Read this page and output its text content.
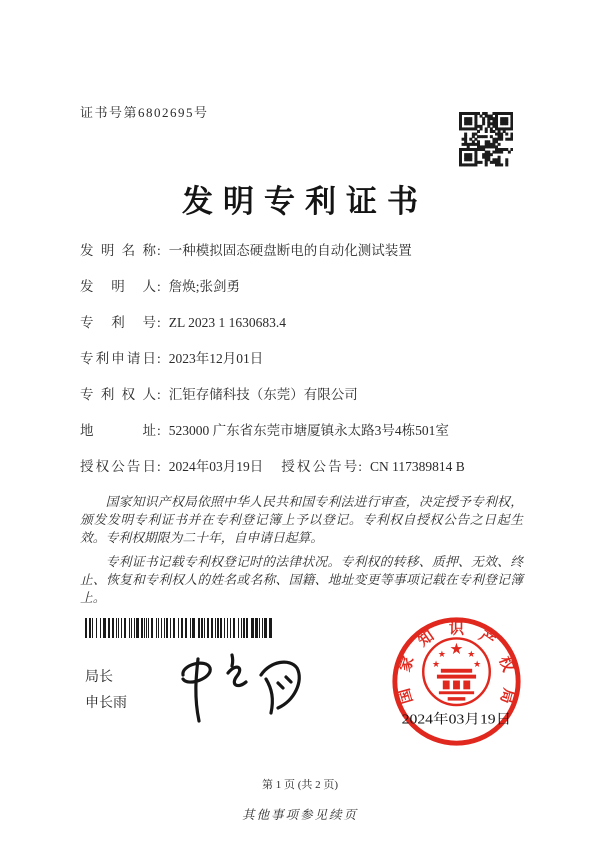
证书号第6802695号
发明专利证书
发明名称: 一种模拟固态硬盘断电的自动化测试装置
发明人: 詹焕;张剑勇
专利号: ZL 2023 1 1630683.4
专利申请日: 2023年12月01日
专利权人: 汇钜存储科技（东莞）有限公司
地址: 523000 广东省东莞市塘厦镇永太路3号4栋501室
授权公告日: 2024年03月19日 授权公告号: CN 117389814 B

国家知识产权局依照中华人民共和国专利法进行审查，决定授予专利权，颁发发明专利证书并在专利登记簿上予以登记。专利权自授权公告之日起生效。专利权期限为二十年，自申请日起算。

专利证书记载专利权登记时的法律状况。专利权的转移、质押、无效、终止、恢复和专利权人的姓名或名称、国籍、地址变更等事项记载在专利登记簿上。

局长
申长雨
★
★ ★
★	★
2024年03月19日
国
家
知 识 产
权
局
第 1 页 (共 2 页)
其他事项参见续页
